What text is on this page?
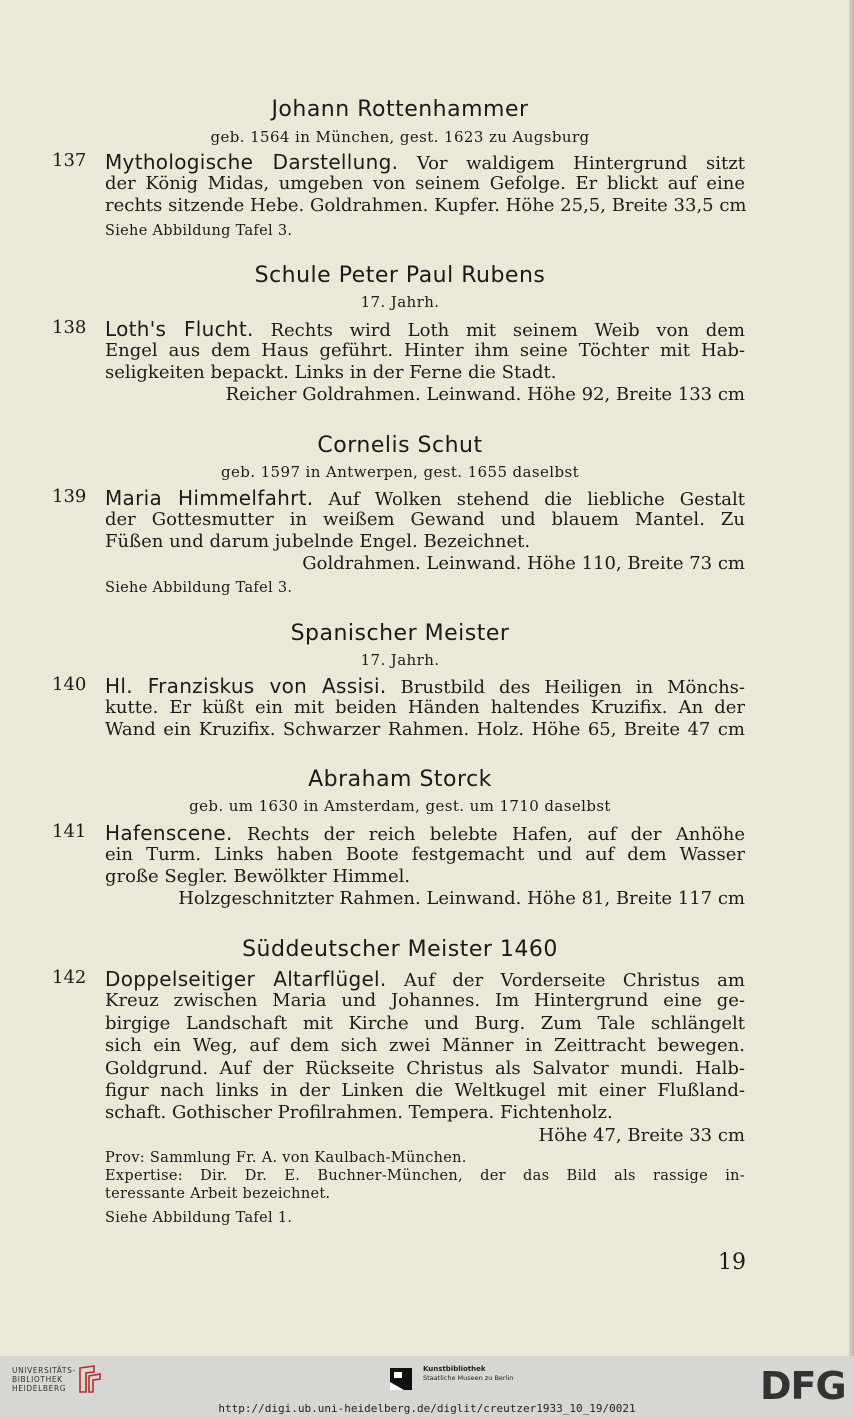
Johann Rottenhammer
geb. 1564 in München, gest. 1623 zu Augsburg
137 Mythologische Darstellung. Vor waldigem Hintergrund sitzt
der König Midas, umgeben von seinem Gefolge. Er blickt auf eine
rechts sitzende Hebe. Goldrahmen. Kupfer. Höhe 25,5, Breite 33,5 cm
Siehe Abbildung Tafel 3.
Schule Peter Paul Rubens
17. Jahrh.
138 Loth's Flucht. Rechts wird Loth mit seinem Weib von dem
Engel aus dem Haus geführt. Hinter ihm seine Töchter mit Hab-
seligkeiten bepackt. Links in der Ferne die Stadt.
Reicher Goldrahmen. Leinwand. Höhe 92, Breite 133 cm
Cornelis Schut
geb. 1597 in Antwerpen, gest. 1655 daselbst
139 Maria Himmelfahrt. Auf Wolken stehend die liebliche Gestalt
der Gottesmutter in weißem Gewand und blauem Mantel. Zu
Füßen und darum jubelnde Engel. Bezeichnet.
Goldrahmen. Leinwand. Höhe 110, Breite 73 cm
Siehe Abbildung Tafel 3.
Spanischer Meister
17. Jahrh.
140 Hl. Franziskus von Assisi. Brustbild des Heiligen in Mönchs-
kutte. Er küßt ein mit beiden Händen haltendes Kruzifix. An der
Wand ein Kruzifix. Schwarzer Rahmen. Holz. Höhe 65, Breite 47 cm
Abraham Storck
geb. um 1630 in Amsterdam, gest. um 1710 daselbst
141 Hafenscene. Rechts der reich belebte Hafen, auf der Anhöhe
ein Turm. Links haben Boote festgemacht und auf dem Wasser
große Segler. Bewölkter Himmel.
Holzgeschnitzter Rahmen. Leinwand. Höhe 81, Breite 117 cm
Süddeutscher Meister 1460
142 Doppelseitiger Altarflügel. Auf der Vorderseite Christus am
Kreuz zwischen Maria und Johannes. Im Hintergrund eine ge-
birgige Landschaft mit Kirche und Burg. Zum Tale schlängelt
sich ein Weg, auf dem sich zwei Männer in Zeittracht bewegen.
Goldgrund. Auf der Rückseite Christus als Salvator mundi. Halb-
figur nach links in der Linken die Weltkugel mit einer Flußland-
schaft. Gothischer Profilrahmen. Tempera. Fichtenholz.
Höhe 47, Breite 33 cm
Prov: Sammlung Fr. A. von Kaulbach-München.
Expertise: Dir. Dr. E. Buchner-München, der das Bild als rassige in-
teressante Arbeit bezeichnet.
Siehe Abbildung Tafel 1.
19
UNIVERSITÄTS-
BIBLIOTHEK
HEIDELBERG
Kunstbibliothek
Staatliche Museen zu Berlin	DFG
http://digi.ub.uni-heidelberg.de/diglit/creutzer1933_10_19/0021
